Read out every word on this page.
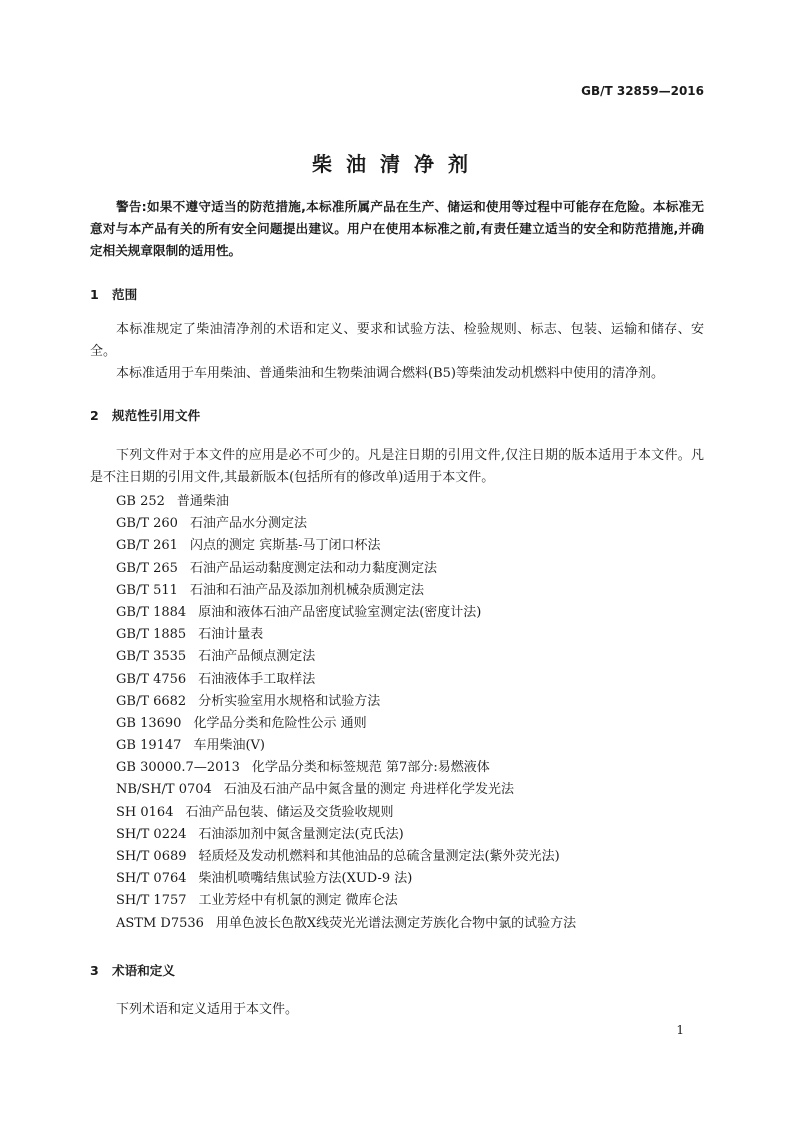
GB/T 32859—2016
柴油清净剂

警告:如果不遵守适当的防范措施,本标准所属产品在生产、储运和使用等过程中可能存在危险。本标准无意对与本产品有关的所有安全问题提出建议。用户在使用本标准之前,有责任建立适当的安全和防范措施,并确定相关规章限制的适用性。

1 范围

本标准规定了柴油清净剂的术语和定义、要求和试验方法、检验规则、标志、包装、运输和储存、安全。

本标准适用于车用柴油、普通柴油和生物柴油调合燃料(B5)等柴油发动机燃料中使用的清净剂。

2 规范性引用文件

下列文件对于本文件的应用是必不可少的。凡是注日期的引用文件,仅注日期的版本适用于本文件。凡是不注日期的引用文件,其最新版本(包括所有的修改单)适用于本文件。

GB 252 普通柴油
GB/T 260 石油产品水分测定法
GB/T 261 闪点的测定 宾斯基-马丁闭口杯法
GB/T 265 石油产品运动黏度测定法和动力黏度测定法
GB/T 511 石油和石油产品及添加剂机械杂质测定法
GB/T 1884 原油和液体石油产品密度试验室测定法(密度计法)
GB/T 1885 石油计量表
GB/T 3535 石油产品倾点测定法
GB/T 4756 石油液体手工取样法
GB/T 6682 分析实验室用水规格和试验方法
GB 13690 化学品分类和危险性公示 通则
GB 19147 车用柴油(Ⅴ)
GB 30000.7—2013 化学品分类和标签规范 第7部分:易燃液体
NB/SH/T 0704 石油及石油产品中氮含量的测定 舟进样化学发光法
SH 0164 石油产品包装、储运及交货验收规则
SH/T 0224 石油添加剂中氮含量测定法(克氏法)
SH/T 0689 轻质烃及发动机燃料和其他油品的总硫含量测定法(紫外荧光法)
SH/T 0764 柴油机喷嘴结焦试验方法(XUD-9 法)
SH/T 1757 工业芳烃中有机氯的测定 微库仑法
ASTM D7536 用单色波长色散X线荧光光谱法测定芳族化合物中氯的试验方法
3 术语和定义

下列术语和定义适用于本文件。

1
